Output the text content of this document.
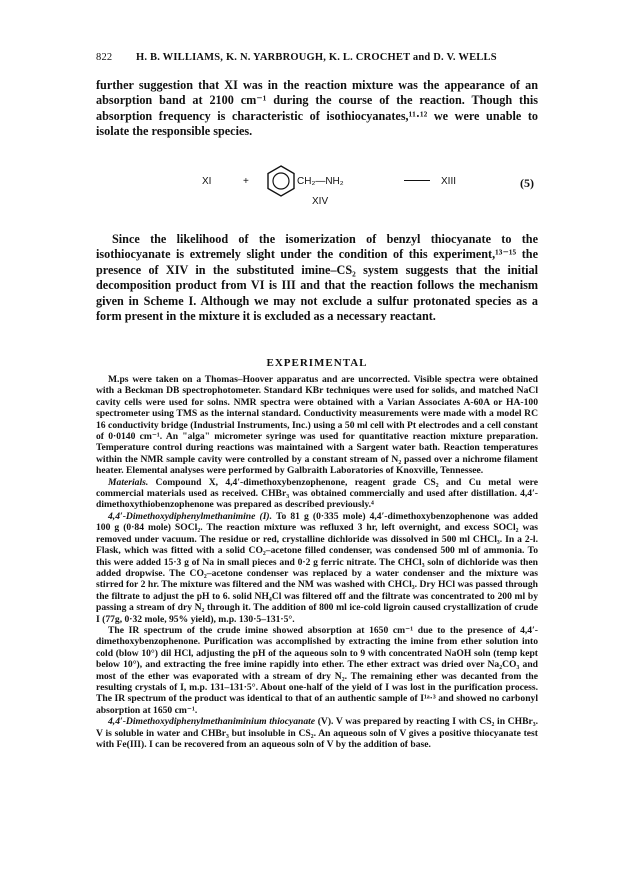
822 H. B. WILLIAMS, K. N. YARBROUGH, K. L. CROCHET and D. V. WELLS
further suggestion that XI was in the reaction mixture was the appearance of an absorption band at 2100 cm⁻¹ during the course of the reaction. Though this absorption frequency is characteristic of isothiocyanates,¹¹·¹² we were unable to isolate the responsible species.
XI	+	CH₂—NH₂	XIII	(5)
XIV
Since the likelihood of the isomerization of benzyl thiocyanate to the isothiocyanate is extremely slight under the condition of this experiment,¹³⁻¹⁵ the presence of XIV in the substituted imine–CS₂ system suggests that the initial decomposition product from VI is III and that the reaction follows the mechanism given in Scheme I. Although we may not exclude a sulfur protonated species as a form present in the mixture it is excluded as a necessary reactant.
EXPERIMENTAL

M.ps were taken on a Thomas–Hoover apparatus and are uncorrected. Visible spectra were obtained with a Beckman DB spectrophotometer. Standard KBr techniques were used for solids, and matched NaCl cavity cells were used for solns. NMR spectra were obtained with a Varian Associates A-60A or HA-100 spectrometer using TMS as the internal standard. Conductivity measurements were made with a model RC 16 conductivity bridge (Industrial Instruments, Inc.) using a 50 ml cell with Pt electrodes and a cell constant of 0·0140 cm⁻¹. An "alga" micrometer syringe was used for quantitative reaction mixture preparation. Temperature control during reactions was maintained with a Sargent water bath. Reaction temperatures within the NMR sample cavity were controlled by a constant stream of N₂ passed over a nichrome filament heater. Elemental analyses were performed by Galbraith Laboratories of Knoxville, Tennessee.

Materials. Compound X, 4,4′-dimethoxybenzophenone, reagent grade CS₂ and Cu metal were commercial materials used as received. CHBr₃ was obtained commercially and used after distillation. 4,4′-dimethoxythiobenzophenone was prepared as described previously.⁴

4,4′-Dimethoxydiphenylmethanimine (I). To 81 g (0·335 mole) 4,4′-dimethoxybenzophenone was added 100 g (0·84 mole) SOCl₂. The reaction mixture was refluxed 3 hr, left overnight, and excess SOCl₂ was removed under vacuum. The residue or red, crystalline dichloride was dissolved in 500 ml CHCl₃. In a 2-l. Flask, which was fitted with a solid CO₂–acetone filled condenser, was condensed 500 ml of ammonia. To this were added 15·3 g of Na in small pieces and 0·2 g ferric nitrate. The CHCl₃ soln of dichloride was then added dropwise. The CO₂–acetone condenser was replaced by a water condenser and the mixture was stirred for 2 hr. The mixture was filtered and the NM was washed with CHCl₃. Dry HCl was passed through the filtrate to adjust the pH to 6. solid NH₄Cl was filtered off and the filtrate was concentrated to 200 ml by passing a stream of dry N₂ through it. The addition of 800 ml ice-cold ligroin caused crystallization of crude I (77g, 0·32 mole, 95% yield), m.p. 130·5–131·5°.

The IR spectrum of the crude imine showed absorption at 1650 cm⁻¹ due to the presence of 4,4′-dimethoxybenzophenone. Purification was accomplished by extracting the imine from ether solution into cold (blow 10°) dil HCl, adjusting the pH of the aqueous soln to 9 with concentrated NaOH soln (temp kept below 10°), and extracting the free imine rapidly into ether. The ether extract was dried over Na₂CO₃ and most of the ether was evaporated with a stream of dry N₂. The remaining ether was decanted from the resulting crystals of I, m.p. 131–131·5°. About one-half of the yield of I was lost in the purification process. The IR spectrum of the product was identical to that of an authentic sample of I¹ᵃ·³ and showed no carbonyl absorption at 1650 cm⁻¹.

4,4′-Dimethoxydiphenylmethaniminium thiocyanate (V). V was prepared by reacting I with CS₂ in CHBr₃. V is soluble in water and CHBr₃ but insoluble in CS₂. An aqueous soln of V gives a positive thiocyanate test with Fe(III). I can be recovered from an aqueous soln of V by the addition of base.
